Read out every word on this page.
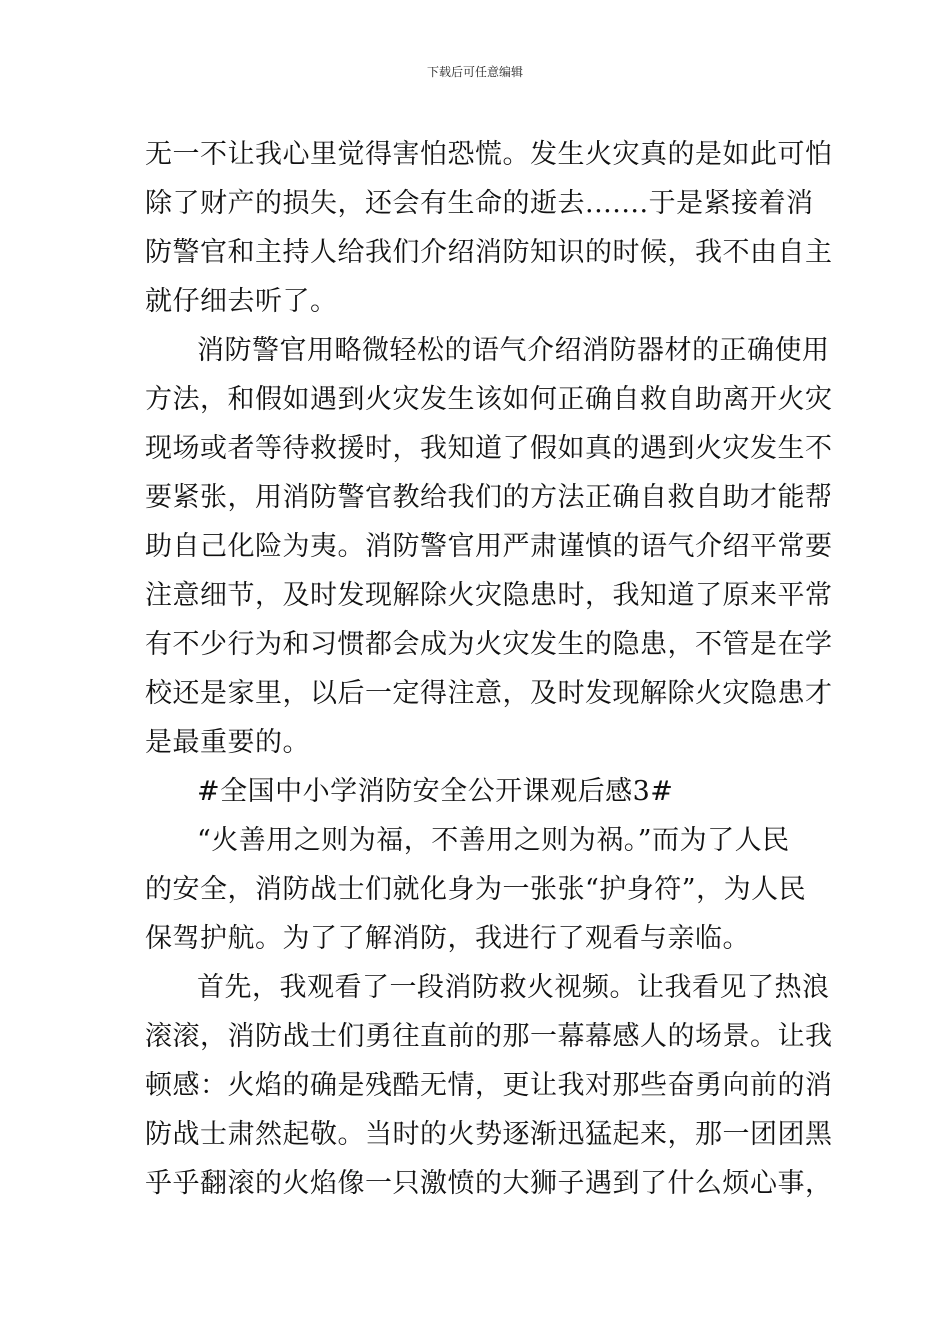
下载后可任意编辑
无一不让我心里觉得害怕恐慌。发生火灾真的是如此可怕
除了财产的损失，还会有生命的逝去.......于是紧接着消
防警官和主持人给我们介绍消防知识的时候，我不由自主
就仔细去听了。
消防警官用略微轻松的语气介绍消防器材的正确使用
方法，和假如遇到火灾发生该如何正确自救自助离开火灾
现场或者等待救援时，我知道了假如真的遇到火灾发生不
要紧张，用消防警官教给我们的方法正确自救自助才能帮
助自己化险为夷。消防警官用严肃谨慎的语气介绍平常要
注意细节，及时发现解除火灾隐患时，我知道了原来平常
有不少行为和习惯都会成为火灾发生的隐患，不管是在学
校还是家里，以后一定得注意，及时发现解除火灾隐患才
是最重要的。
#全国中小学消防安全公开课观后感3#
“火善用之则为福，不善用之则为祸。”而为了人民
的安全，消防战士们就化身为一张张“护身符”，为人民
保驾护航。为了了解消防，我进行了观看与亲临。
首先，我观看了一段消防救火视频。让我看见了热浪
滚滚，消防战士们勇往直前的那一幕幕感人的场景。让我
顿感：火焰的确是残酷无情，更让我对那些奋勇向前的消
防战士肃然起敬。当时的火势逐渐迅猛起来，那一团团黑
乎乎翻滚的火焰像一只激愤的大狮子遇到了什么烦心事，
